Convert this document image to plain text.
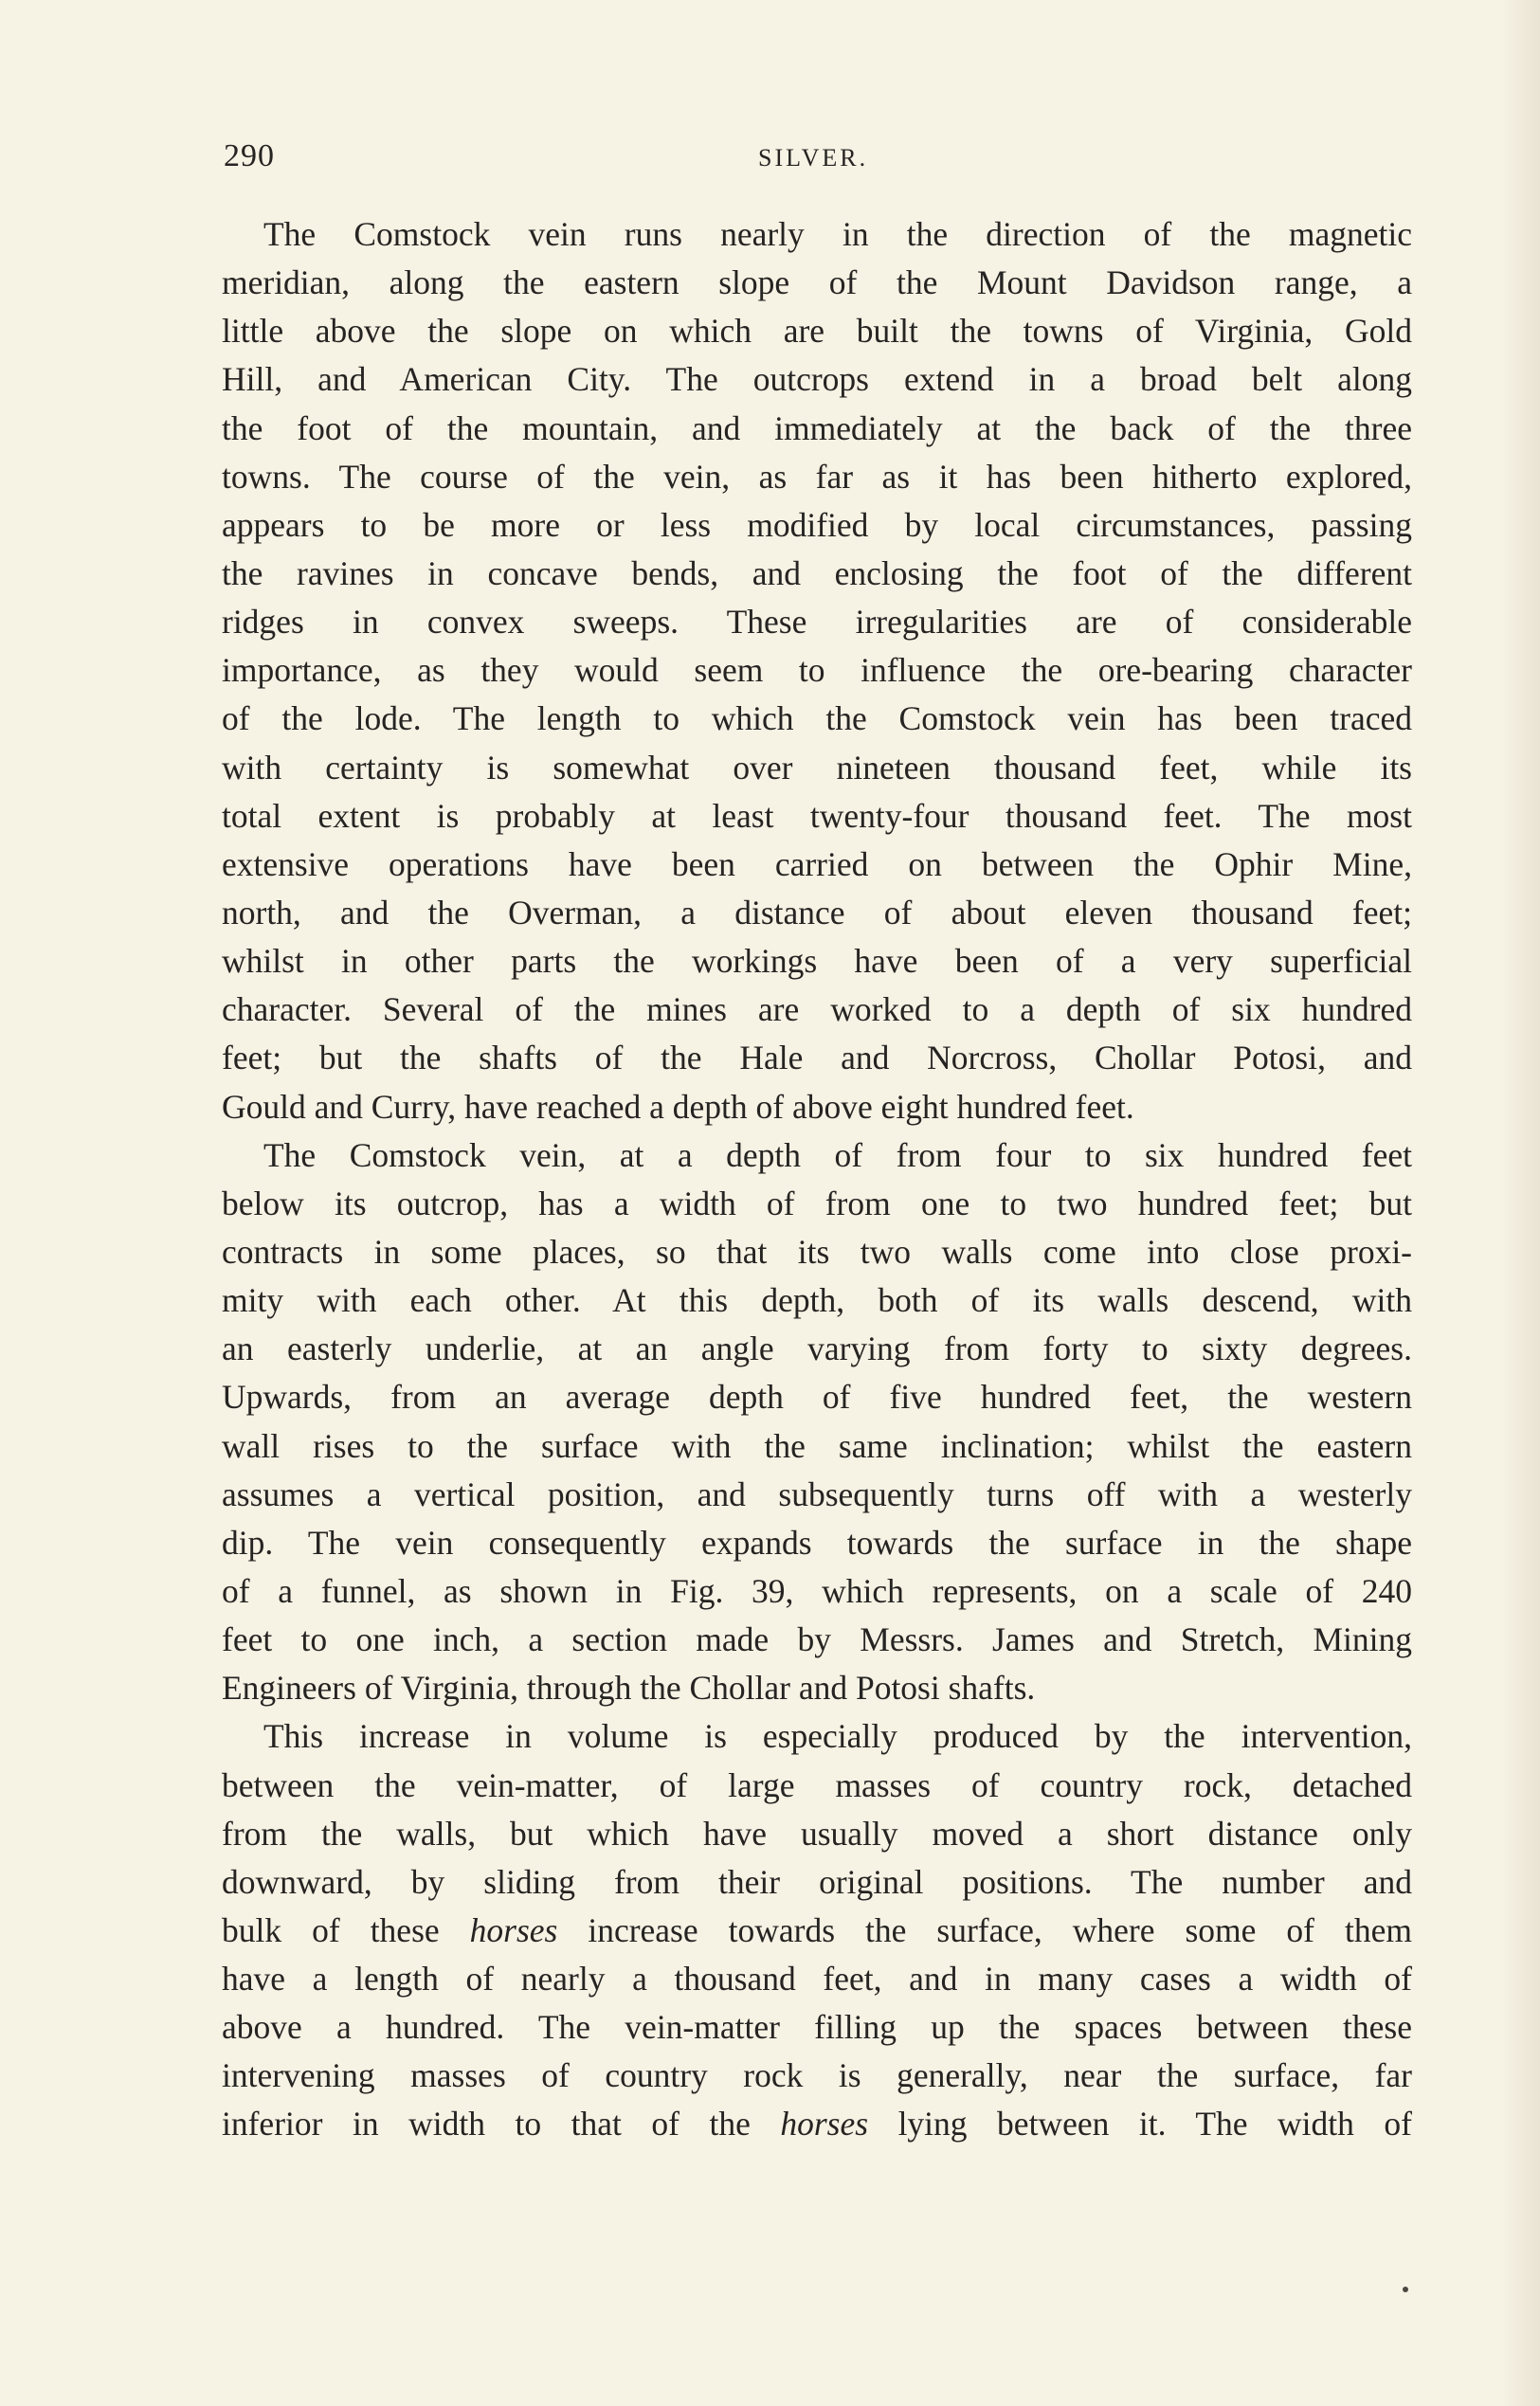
290	SILVER.
The Comstock vein runs nearly in the direction of the magnetic
meridian, along the eastern slope of the Mount Davidson range, a
little above the slope on which are built the towns of Virginia, Gold
Hill, and American City. The outcrops extend in a broad belt along
the foot of the mountain, and immediately at the back of the three
towns. The course of the vein, as far as it has been hitherto explored,
appears to be more or less modified by local circumstances, passing
the ravines in concave bends, and enclosing the foot of the different
ridges in convex sweeps. These irregularities are of considerable
importance, as they would seem to influence the ore-bearing character
of the lode. The length to which the Comstock vein has been traced
with certainty is somewhat over nineteen thousand feet, while its
total extent is probably at least twenty-four thousand feet. The most
extensive operations have been carried on between the Ophir Mine,
north, and the Overman, a distance of about eleven thousand feet;
whilst in other parts the workings have been of a very superficial
character. Several of the mines are worked to a depth of six hundred
feet; but the shafts of the Hale and Norcross, Chollar Potosi, and
Gould and Curry, have reached a depth of above eight hundred feet.
The Comstock vein, at a depth of from four to six hundred feet
below its outcrop, has a width of from one to two hundred feet; but
contracts in some places, so that its two walls come into close proxi-
mity with each other. At this depth, both of its walls descend, with
an easterly underlie, at an angle varying from forty to sixty degrees.
Upwards, from an average depth of five hundred feet, the western
wall rises to the surface with the same inclination; whilst the eastern
assumes a vertical position, and subsequently turns off with a westerly
dip. The vein consequently expands towards the surface in the shape
of a funnel, as shown in Fig. 39, which represents, on a scale of 240
feet to one inch, a section made by Messrs. James and Stretch, Mining
Engineers of Virginia, through the Chollar and Potosi shafts.
This increase in volume is especially produced by the intervention,
between the vein-matter, of large masses of country rock, detached
from the walls, but which have usually moved a short distance only
downward, by sliding from their original positions. The number and
bulk of these horses increase towards the surface, where some of them
have a length of nearly a thousand feet, and in many cases a width of
above a hundred. The vein-matter filling up the spaces between these
intervening masses of country rock is generally, near the surface, far
inferior in width to that of the horses lying between it. The width of
